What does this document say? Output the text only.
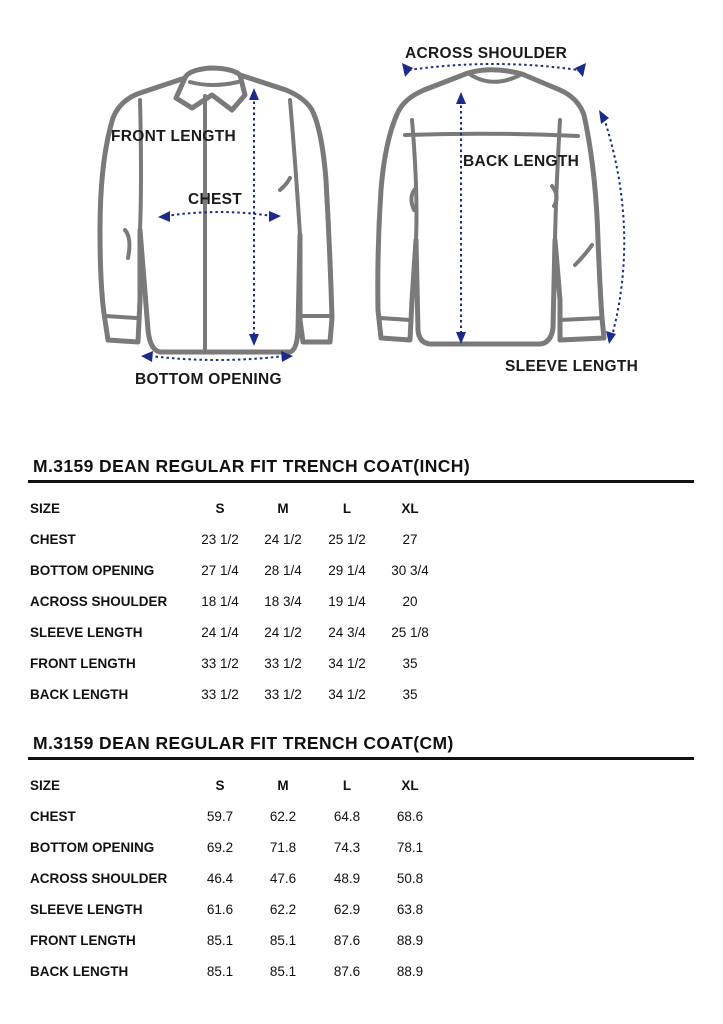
FRONT LENGTH
CHEST
BOTTOM OPENING
ACROSS SHOULDER
BACK LENGTH
SLEEVE LENGTH
M.3159 DEAN REGULAR FIT TRENCH COAT(INCH)
SIZE	S	M	L	XL
CHEST	23 1/2	24 1/2	25 1/2	27
BOTTOM OPENING	27 1/4	28 1/4	29 1/4	30 3/4
ACROSS SHOULDER	18 1/4	18 3/4	19 1/4	20
SLEEVE LENGTH	24 1/4	24 1/2	24 3/4	25 1/8
FRONT LENGTH	33 1/2	33 1/2	34 1/2	35
BACK LENGTH	33 1/2	33 1/2	34 1/2	35
M.3159 DEAN REGULAR FIT TRENCH COAT(CM)
SIZE	S	M	L	XL
CHEST	59.7	62.2	64.8	68.6
BOTTOM OPENING	69.2	71.8	74.3	78.1
ACROSS SHOULDER	46.4	47.6	48.9	50.8
SLEEVE LENGTH	61.6	62.2	62.9	63.8
FRONT LENGTH	85.1	85.1	87.6	88.9
BACK LENGTH	85.1	85.1	87.6	88.9
